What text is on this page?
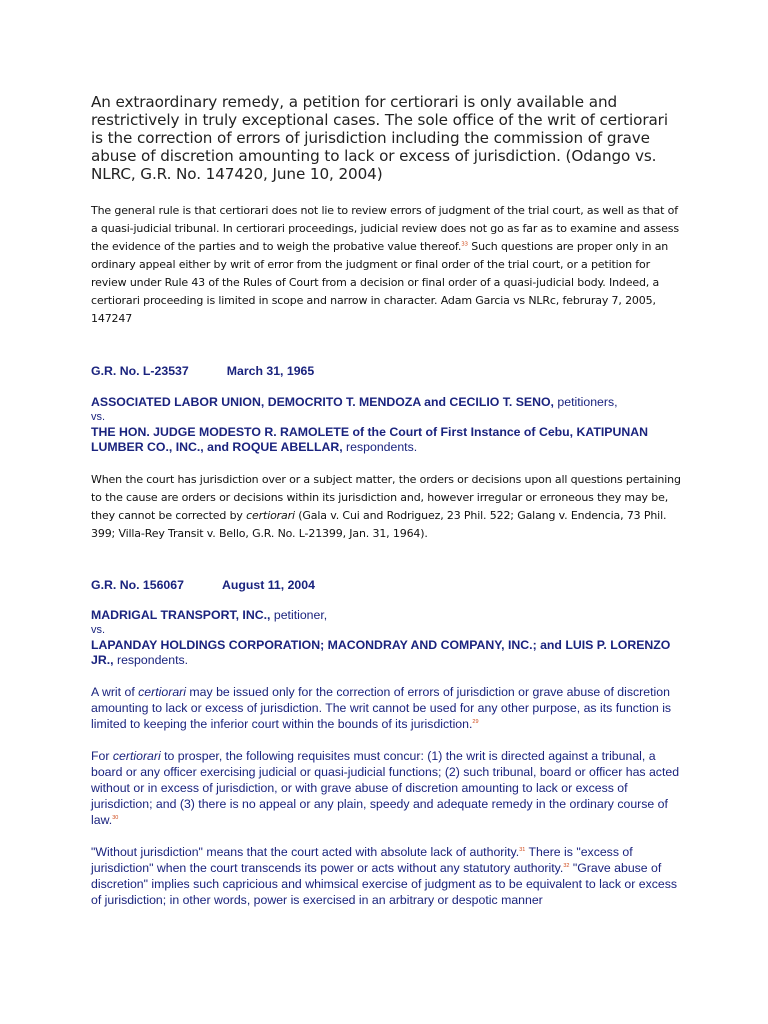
An extraordinary remedy, a petition for certiorari is only available and restrictively in truly exceptional cases. The sole office of the writ of certiorari is the correction of errors of jurisdiction including the commission of grave abuse of discretion amounting to lack or excess of jurisdiction. (Odango vs. NLRC, G.R. No. 147420, June 10, 2004)

The general rule is that certiorari does not lie to review errors of judgment of the trial court, as well as that of a quasi-judicial tribunal. In certiorari proceedings, judicial review does not go as far as to examine and assess the evidence of the parties and to weigh the probative value thereof.$^{33}$ Such questions are proper only in an ordinary appeal either by writ of error from the judgment or final order of the trial court, or a petition for review under Rule 43 of the Rules of Court from a decision or final order of a quasi-judicial body. Indeed, a certiorari proceeding is limited in scope and narrow in character. Adam Garcia vs NLRc, februray 7, 2005, 147247

G.R. No. L-23537	March 31, 1965

ASSOCIATED LABOR UNION, DEMOCRITO T. MENDOZA and CECILIO T. SENO, petitioners,
vs.
THE HON. JUDGE MODESTO R. RAMOLETE of the Court of First Instance of Cebu, KATIPUNAN LUMBER CO., INC., and ROQUE ABELLAR, respondents.

When the court has jurisdiction over or a subject matter, the orders or decisions upon all questions pertaining to the cause are orders or decisions within its jurisdiction and, however irregular or erroneous they may be, they cannot be corrected by certiorari (Gala v. Cui and Rodriguez, 23 Phil. 522; Galang v. Endencia, 73 Phil. 399; Villa-Rey Transit v. Bello, G.R. No. L-21399, Jan. 31, 1964).

G.R. No. 156067	August 11, 2004

MADRIGAL TRANSPORT, INC., petitioner,
vs.
LAPANDAY HOLDINGS CORPORATION; MACONDRAY AND COMPANY, INC.; and LUIS P. LORENZO JR., respondents.

A writ of certiorari may be issued only for the correction of errors of jurisdiction or grave abuse of discretion amounting to lack or excess of jurisdiction. The writ cannot be used for any other purpose, as its function is limited to keeping the inferior court within the bounds of its jurisdiction.$^{29}$

For certiorari to prosper, the following requisites must concur: (1) the writ is directed against a tribunal, a board or any officer exercising judicial or quasi-judicial functions; (2) such tribunal, board or officer has acted without or in excess of jurisdiction, or with grave abuse of discretion amounting to lack or excess of jurisdiction; and (3) there is no appeal or any plain, speedy and adequate remedy in the ordinary course of law.$^{30}$

"Without jurisdiction" means that the court acted with absolute lack of authority.$^{31}$ There is "excess of jurisdiction" when the court transcends its power or acts without any statutory authority.$^{32}$ "Grave abuse of discretion" implies such capricious and whimsical exercise of judgment as to be equivalent to lack or excess of jurisdiction; in other words, power is exercised in an arbitrary or despotic manner
